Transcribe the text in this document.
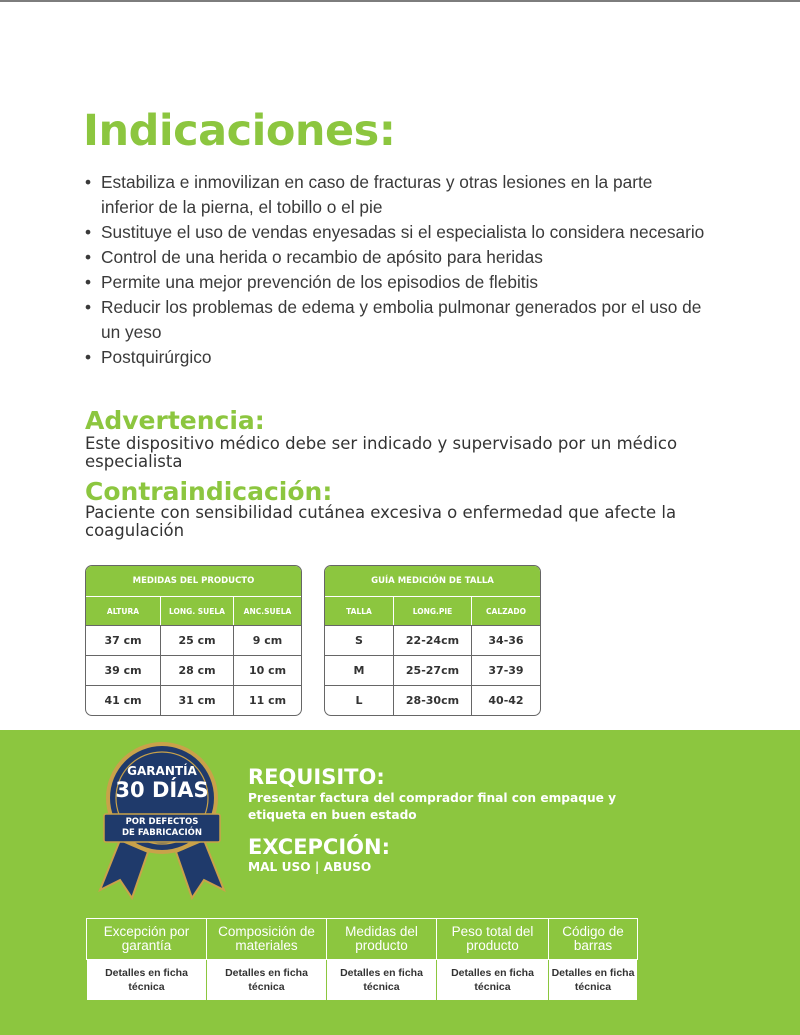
Indicaciones:
• Estabiliza e inmovilizan en caso de fracturas y otras lesiones en la parte inferior de la pierna, el tobillo o el pie
• Sustituye el uso de vendas enyesadas si el especialista lo considera necesario
• Control de una herida o recambio de apósito para heridas
• Permite una mejor prevención de los episodios de flebitis
• Reducir los problemas de edema y embolia pulmonar generados por el uso de un yeso
• Postquirúrgico
Advertencia:

Este dispositivo médico debe ser indicado y supervisado por un médico especialista

Contraindicación:

Paciente con sensibilidad cutánea excesiva o enfermedad que afecte la coagulación

MEDIDAS DEL PRODUCTO		
ALTURA	LONG. SUELA	ANC.SUELA
37 cm	25 cm	9 cm
39 cm	28 cm	10 cm
41 cm	31 cm	11 cm
GUÍA MEDICIÓN DE TALLA		
TALLA	LONG.PIE	CALZADO
S	22-24cm	34-36
M	25-27cm	37-39
L	28-30cm	40-42
GARANTÍA
30 DÍAS
POR DEFECTOS
DE FABRICACIÓN
REQUISITO:
Presentar factura del comprador final con empaque y etiqueta en buen estado
EXCEPCIÓN:
MAL USO | ABUSO
Excepción por garantía	Composición de materiales	Medidas del producto	Peso total del producto	Código de barras
Detalles en ficha técnica	Detalles en ficha técnica	Detalles en ficha técnica	Detalles en ficha técnica	Detalles en ficha técnica
